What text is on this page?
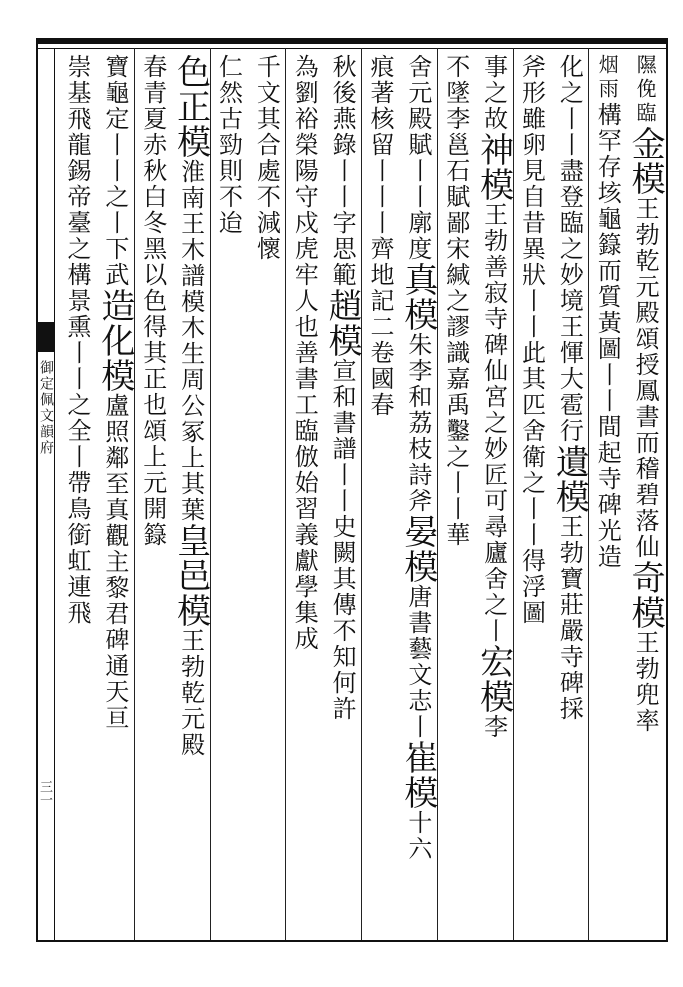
御定佩文韻府
三一
隰俛臨
金模
王勃乾元殿頌授鳳書而稽碧落仙
奇模
王勃兜率
烟雨
構罕存
垓龜籙而質黃圖丨丨間起
寺碑光造
化之丨丨盡登臨之妙境王惲大雹行
遺模
王勃寶莊嚴寺碑採
斧形雖卵見自昔異狀丨丨此其匹
舍衛之丨丨得浮圖
事
之故
神模
王勃善寂寺碑仙宮之妙匠可尋廬舍之丨
宏模
李
不墜李邕石賦鄙宋緘之謬識嘉禹鑿之丨丨
華
舍元殿賦
丨丨廓度
真模
朱李和荔枝詩斧
晏模
唐書藝文志丨
崔模
十六
痕著核留丨丨
丨齊地記二卷
國春
秋後燕錄丨丨字思範
趙模
宣和書譜丨丨史闕其傳不知何許
為劉裕榮陽守
戍虎牢
人也善書工臨倣始習義獻學集成
千文其合處不減
懷
仁然古勁則不迨
色正模
淮南王木譜模木生周公冢上其葉
皇邑模
王勃乾元殿
春青夏赤秋白冬黑以色得其正也
頌上元開籙
寶龜定丨丨之丨下武
造化模
盧照鄰至真觀主黎君碑通天亘
崇基飛龍錫帝臺之構
景熏丨丨之全丨帶鳥銜虹連飛
